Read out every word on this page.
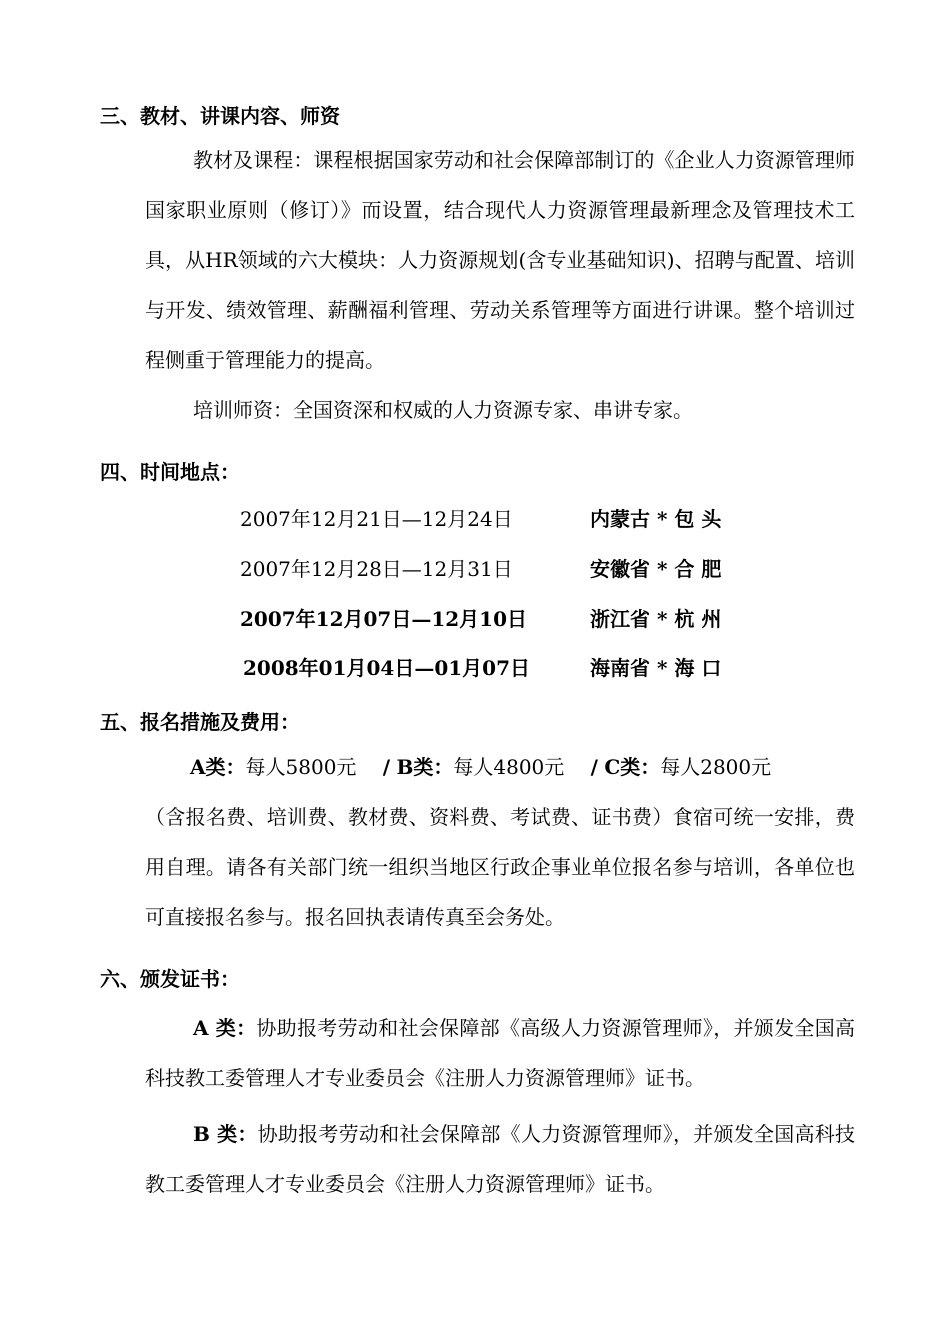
三、教材、讲课内容、师资
教材及课程：课程根据国家劳动和社会保障部制订的《企业人力资源管理师国家职业原则（修订）》而设置，结合现代人力资源管理最新理念及管理技术工具，从HR领域的六大模块：人力资源规划(含专业基础知识)、招聘与配置、培训与开发、绩效管理、薪酬福利管理、劳动关系管理等方面进行讲课。整个培训过程侧重于管理能力的提高。
培训师资：全国资深和权威的人力资源专家、串讲专家。
四、时间地点：
2007年12月21日—12月24日	内蒙古 * 包 头
2007年12月28日—12月31日	安徽省 * 合 肥
2007年12月07日—12月10日	浙江省 * 杭 州
2008年01月04日—01月07日	海南省 * 海 口
五、报名措施及费用：
A类：每人5800元 / B类：每人4800元 / C类：每人2800元
（含报名费、培训费、教材费、资料费、考试费、证书费）食宿可统一安排，费用自理。请各有关部门统一组织当地区行政企事业单位报名参与培训，各单位也可直接报名参与。报名回执表请传真至会务处。
六、颁发证书：
A 类：协助报考劳动和社会保障部《高级人力资源管理师》，并颁发全国高科技教工委管理人才专业委员会《注册人力资源管理师》证书。
B 类：协助报考劳动和社会保障部《人力资源管理师》，并颁发全国高科技教工委管理人才专业委员会《注册人力资源管理师》证书。
